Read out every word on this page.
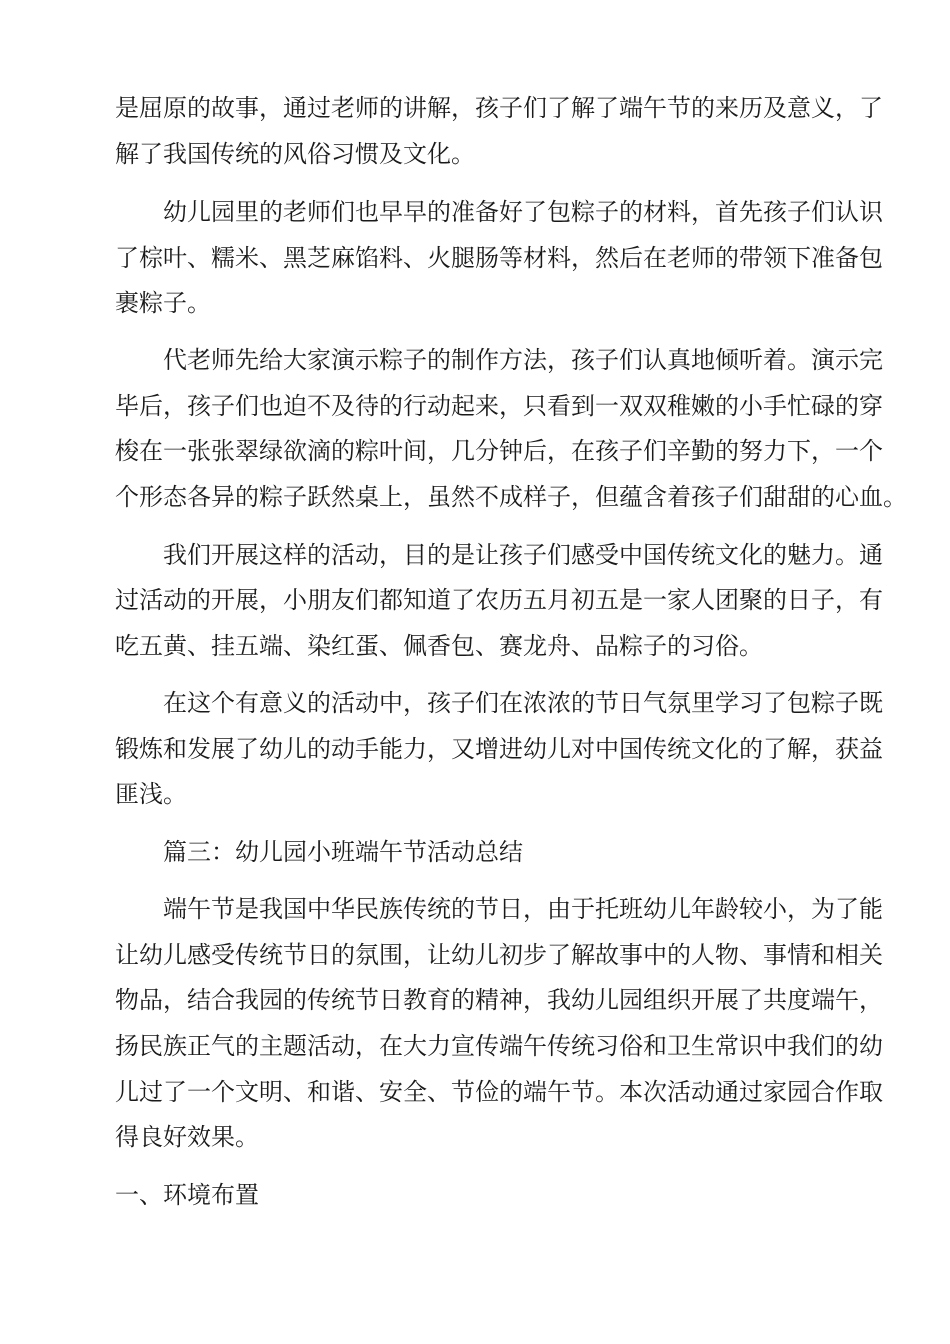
是屈原的故事，通过老师的讲解，孩子们了解了端午节的来历及意义，了
解了我国传统的风俗习惯及文化。
幼儿园里的老师们也早早的准备好了包粽子的材料，首先孩子们认识
了棕叶、糯米、黑芝麻馅料、火腿肠等材料，然后在老师的带领下准备包
裹粽子。
代老师先给大家演示粽子的制作方法，孩子们认真地倾听着。演示完
毕后，孩子们也迫不及待的行动起来，只看到一双双稚嫩的小手忙碌的穿
梭在一张张翠绿欲滴的粽叶间，几分钟后，在孩子们辛勤的努力下，一个
个形态各异的粽子跃然桌上，虽然不成样子，但蕴含着孩子们甜甜的心血。
我们开展这样的活动，目的是让孩子们感受中国传统文化的魅力。通
过活动的开展，小朋友们都知道了农历五月初五是一家人团聚的日子，有
吃五黄、挂五端、染红蛋、佩香包、赛龙舟、品粽子的习俗。
在这个有意义的活动中，孩子们在浓浓的节日气氛里学习了包粽子既
锻炼和发展了幼儿的动手能力，又增进幼儿对中国传统文化的了解，获益
匪浅。
篇三：幼儿园小班端午节活动总结
端午节是我国中华民族传统的节日，由于托班幼儿年龄较小，为了能
让幼儿感受传统节日的氛围，让幼儿初步了解故事中的人物、事情和相关
物品，结合我园的传统节日教育的精神，我幼儿园组织开展了共度端午，
扬民族正气的主题活动，在大力宣传端午传统习俗和卫生常识中我们的幼
儿过了一个文明、和谐、安全、节俭的端午节。本次活动通过家园合作取
得良好效果。
一、环境布置
